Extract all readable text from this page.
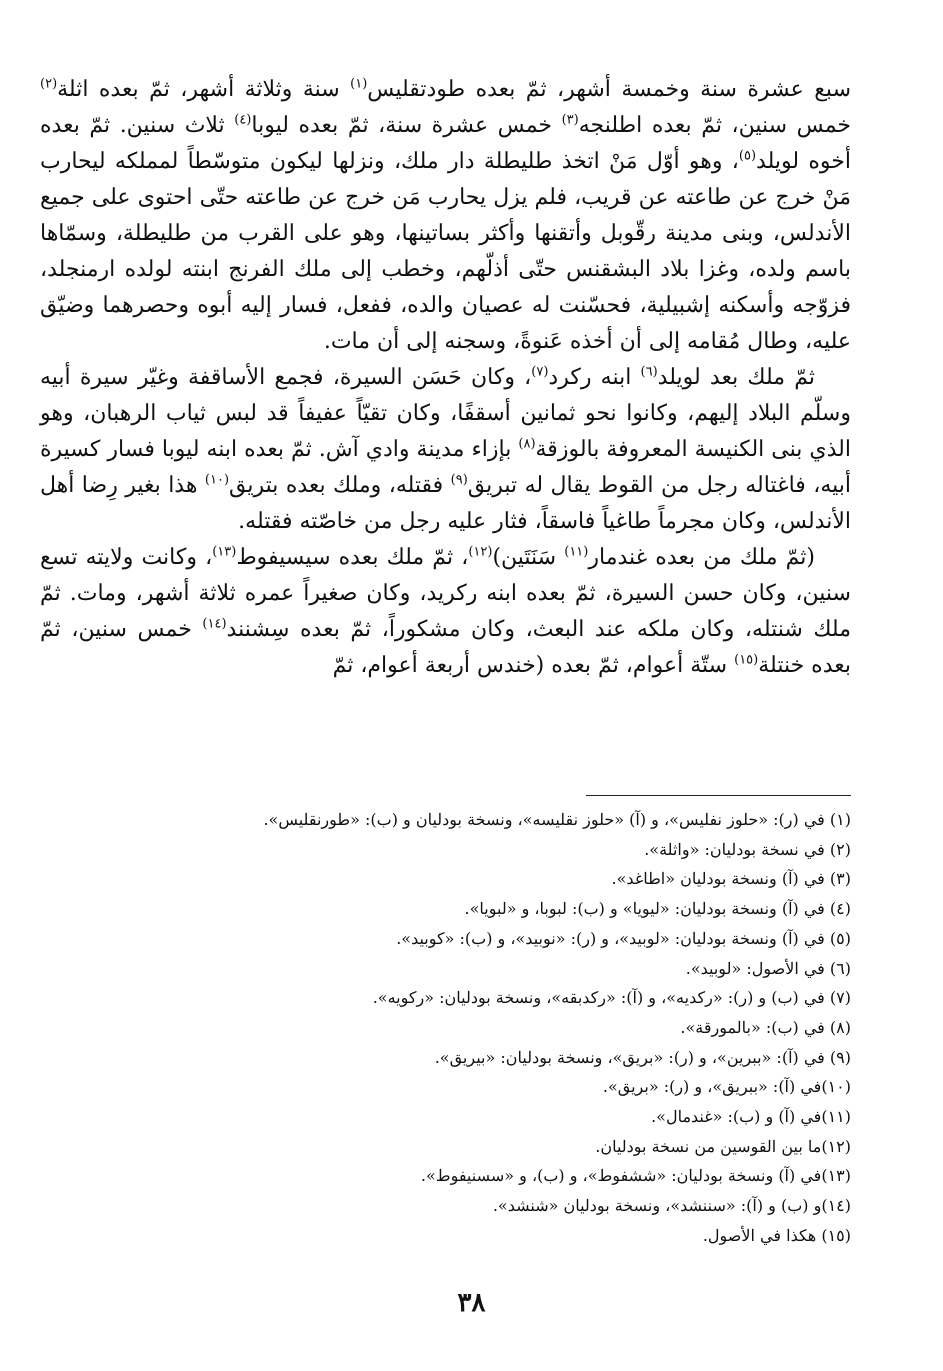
سبع عشرة سنة وخمسة أشهر، ثمّ بعده طودتقليس$^{(١)}$ سنة وثلاثة أشهر، ثمّ بعده اثلة$^{(٢)}$ خمس سنين، ثمّ بعده اطلنجه$^{(٣)}$ خمس عشرة سنة، ثمّ بعده ليوبا$^{(٤)}$ ثلاث سنين. ثمّ بعده أخوه لويلد$^{(٥)}$، وهو أوّل مَنْ اتخذ طليطلة دار ملك، ونزلها ليكون متوسّطاً لمملكه ليحارب مَنْ خرج عن طاعته عن قريب، فلم يزل يحارب مَن خرج عن طاعته حتّى احتوى على جميع الأندلس، وبنى مدينة رقّوبل وأتقنها وأكثر بساتينها، وهو على القرب من طليطلة، وسمّاها باسم ولده، وغزا بلاد البشقنس حتّى أذلّهم، وخطب إلى ملك الفرنج ابنته لولده ارمنجلد، فزوّجه وأسكنه إشبيلية، فحسّنت له عصيان والده، ففعل، فسار إليه أبوه وحصرهما وضيّق عليه، وطال مُقامه إلى أن أخذه عَنوةً، وسجنه إلى أن مات.

ثمّ ملك بعد لويلد$^{(٦)}$ ابنه ركرد$^{(٧)}$، وكان حَسَن السيرة، فجمع الأساقفة وغيّر سيرة أبيه وسلّم البلاد إليهم، وكانوا نحو ثمانين أسقفًا، وكان تقيّاً عفيفاً قد لبس ثياب الرهبان، وهو الذي بنى الكنيسة المعروفة بالوزقة$^{(٨)}$ بإزاء مدينة وادي آش. ثمّ بعده ابنه ليوبا فسار كسيرة أبيه، فاغتاله رجل من القوط يقال له تبريق$^{(٩)}$ فقتله، وملك بعده بتريق$^{(١٠)}$ هذا بغير رِضا أهل الأندلس، وكان مجرماً طاغياً فاسقاً، فثار عليه رجل من خاصّته فقتله.

(ثمّ ملك من بعده غندمار$^{(١١)}$ سَنَتَين)$^{(١٢)}$، ثمّ ملك بعده سيسيفوط$^{(١٣)}$، وكانت ولايته تسع سنين، وكان حسن السيرة، ثمّ بعده ابنه ركريد، وكان صغيراً عمره ثلاثة أشهر، ومات. ثمّ ملك شنتله، وكان ملكه عند البعث، وكان مشكوراً، ثمّ بعده سِشنند$^{(١٤)}$ خمس سنين، ثمّ بعده خنتلة$^{(١٥)}$ ستّة أعوام، ثمّ بعده (خندس أربعة أعوام، ثمّ

(١) في (ر): «حلوز نفليس»، و (آ) «حلوز نقليسه»، ونسخة بودليان و (ب): «طورنقليس».
(٢) في نسخة بودليان: «واثلة».
(٣) في (آ) ونسخة بودليان «اطاغد».
(٤) في (آ) ونسخة بودليان: «ليويا» و (ب): لبوبا، و «لبويا».
(٥) في (آ) ونسخة بودليان: «لوبيد»، و (ر): «نوبيد»، و (ب): «كوبيد».
(٦) في الأصول: «لوبيد».
(٧) في (ب) و (ر): «ركديه»، و (آ): «ركدبقه»، ونسخة بودليان: «ركويه».
(٨) في (ب): «بالمورقة».
(٩) في (آ): «ببرين»، و (ر): «بريق»، ونسخة بودليان: «بيريق».
(١٠)في (آ): «ببريق»، و (ر): «بريق».
(١١)في (آ) و (ب): «غندمال».
(١٢)ما بين القوسين من نسخة بودليان.
(١٣)في (آ) ونسخة بودليان: «ششفوط»، و (ب)، و «سسنيفوط».
(١٤)و (ب) و (آ): «سننشد»، ونسخة بودليان «شنشد».
(١٥) هكذا في الأصول.
٣٨
